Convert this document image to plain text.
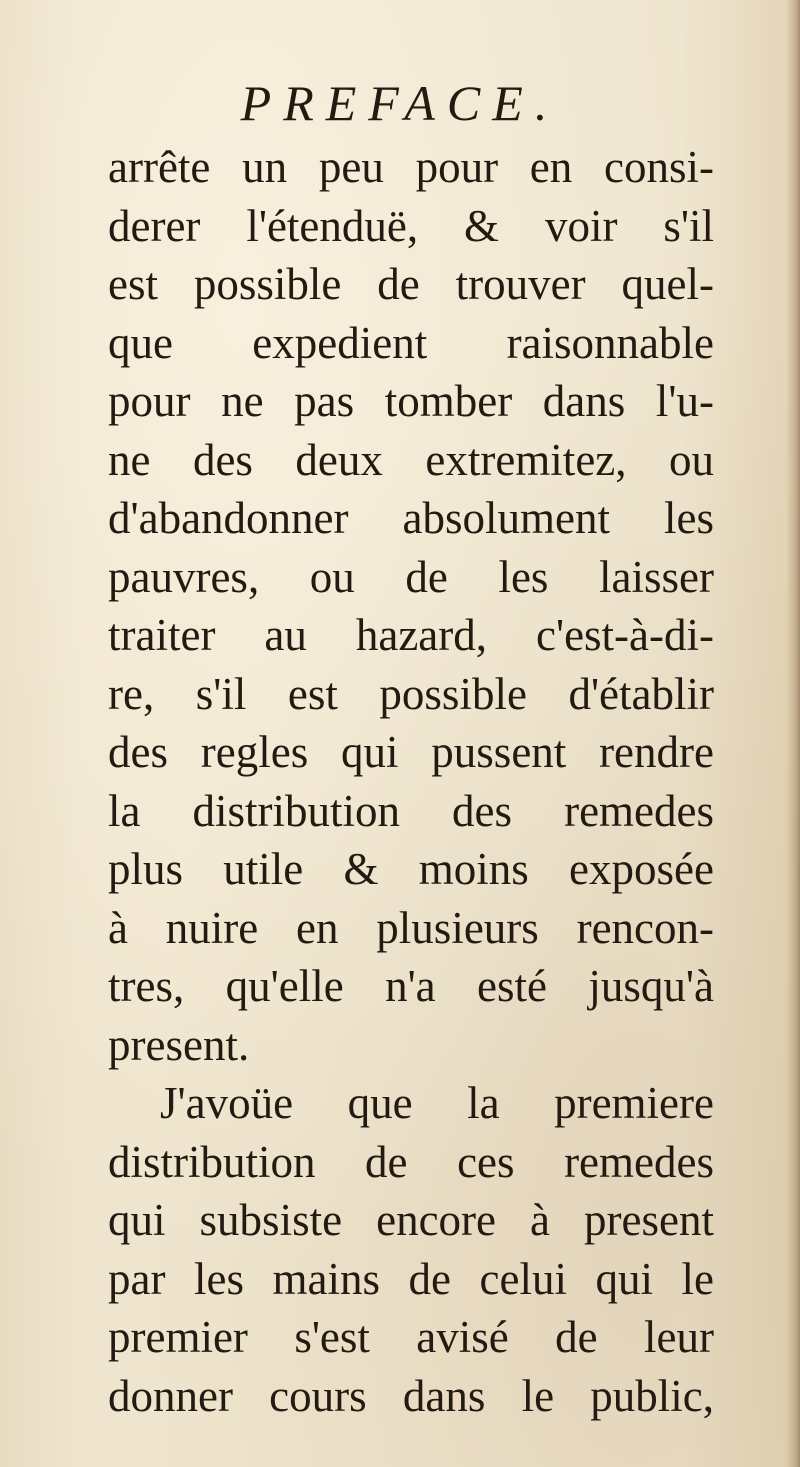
PREFACE.
arrête un peu pour en consi-
derer l'étenduë, & voir s'il
est possible de trouver quel-
que expedient raisonnable
pour ne pas tomber dans l'u-
ne des deux extremitez, ou
d'abandonner absolument les
pauvres, ou de les laisser
traiter au hazard, c'est-à-di-
re, s'il est possible d'établir
des regles qui pussent rendre
la distribution des remedes
plus utile & moins exposée
à nuire en plusieurs rencon-
tres, qu'elle n'a esté jusqu'à
present.
J'avoüe que la premiere
distribution de ces remedes
qui subsiste encore à present
par les mains de celui qui le
premier s'est avisé de leur
donner cours dans le public,
